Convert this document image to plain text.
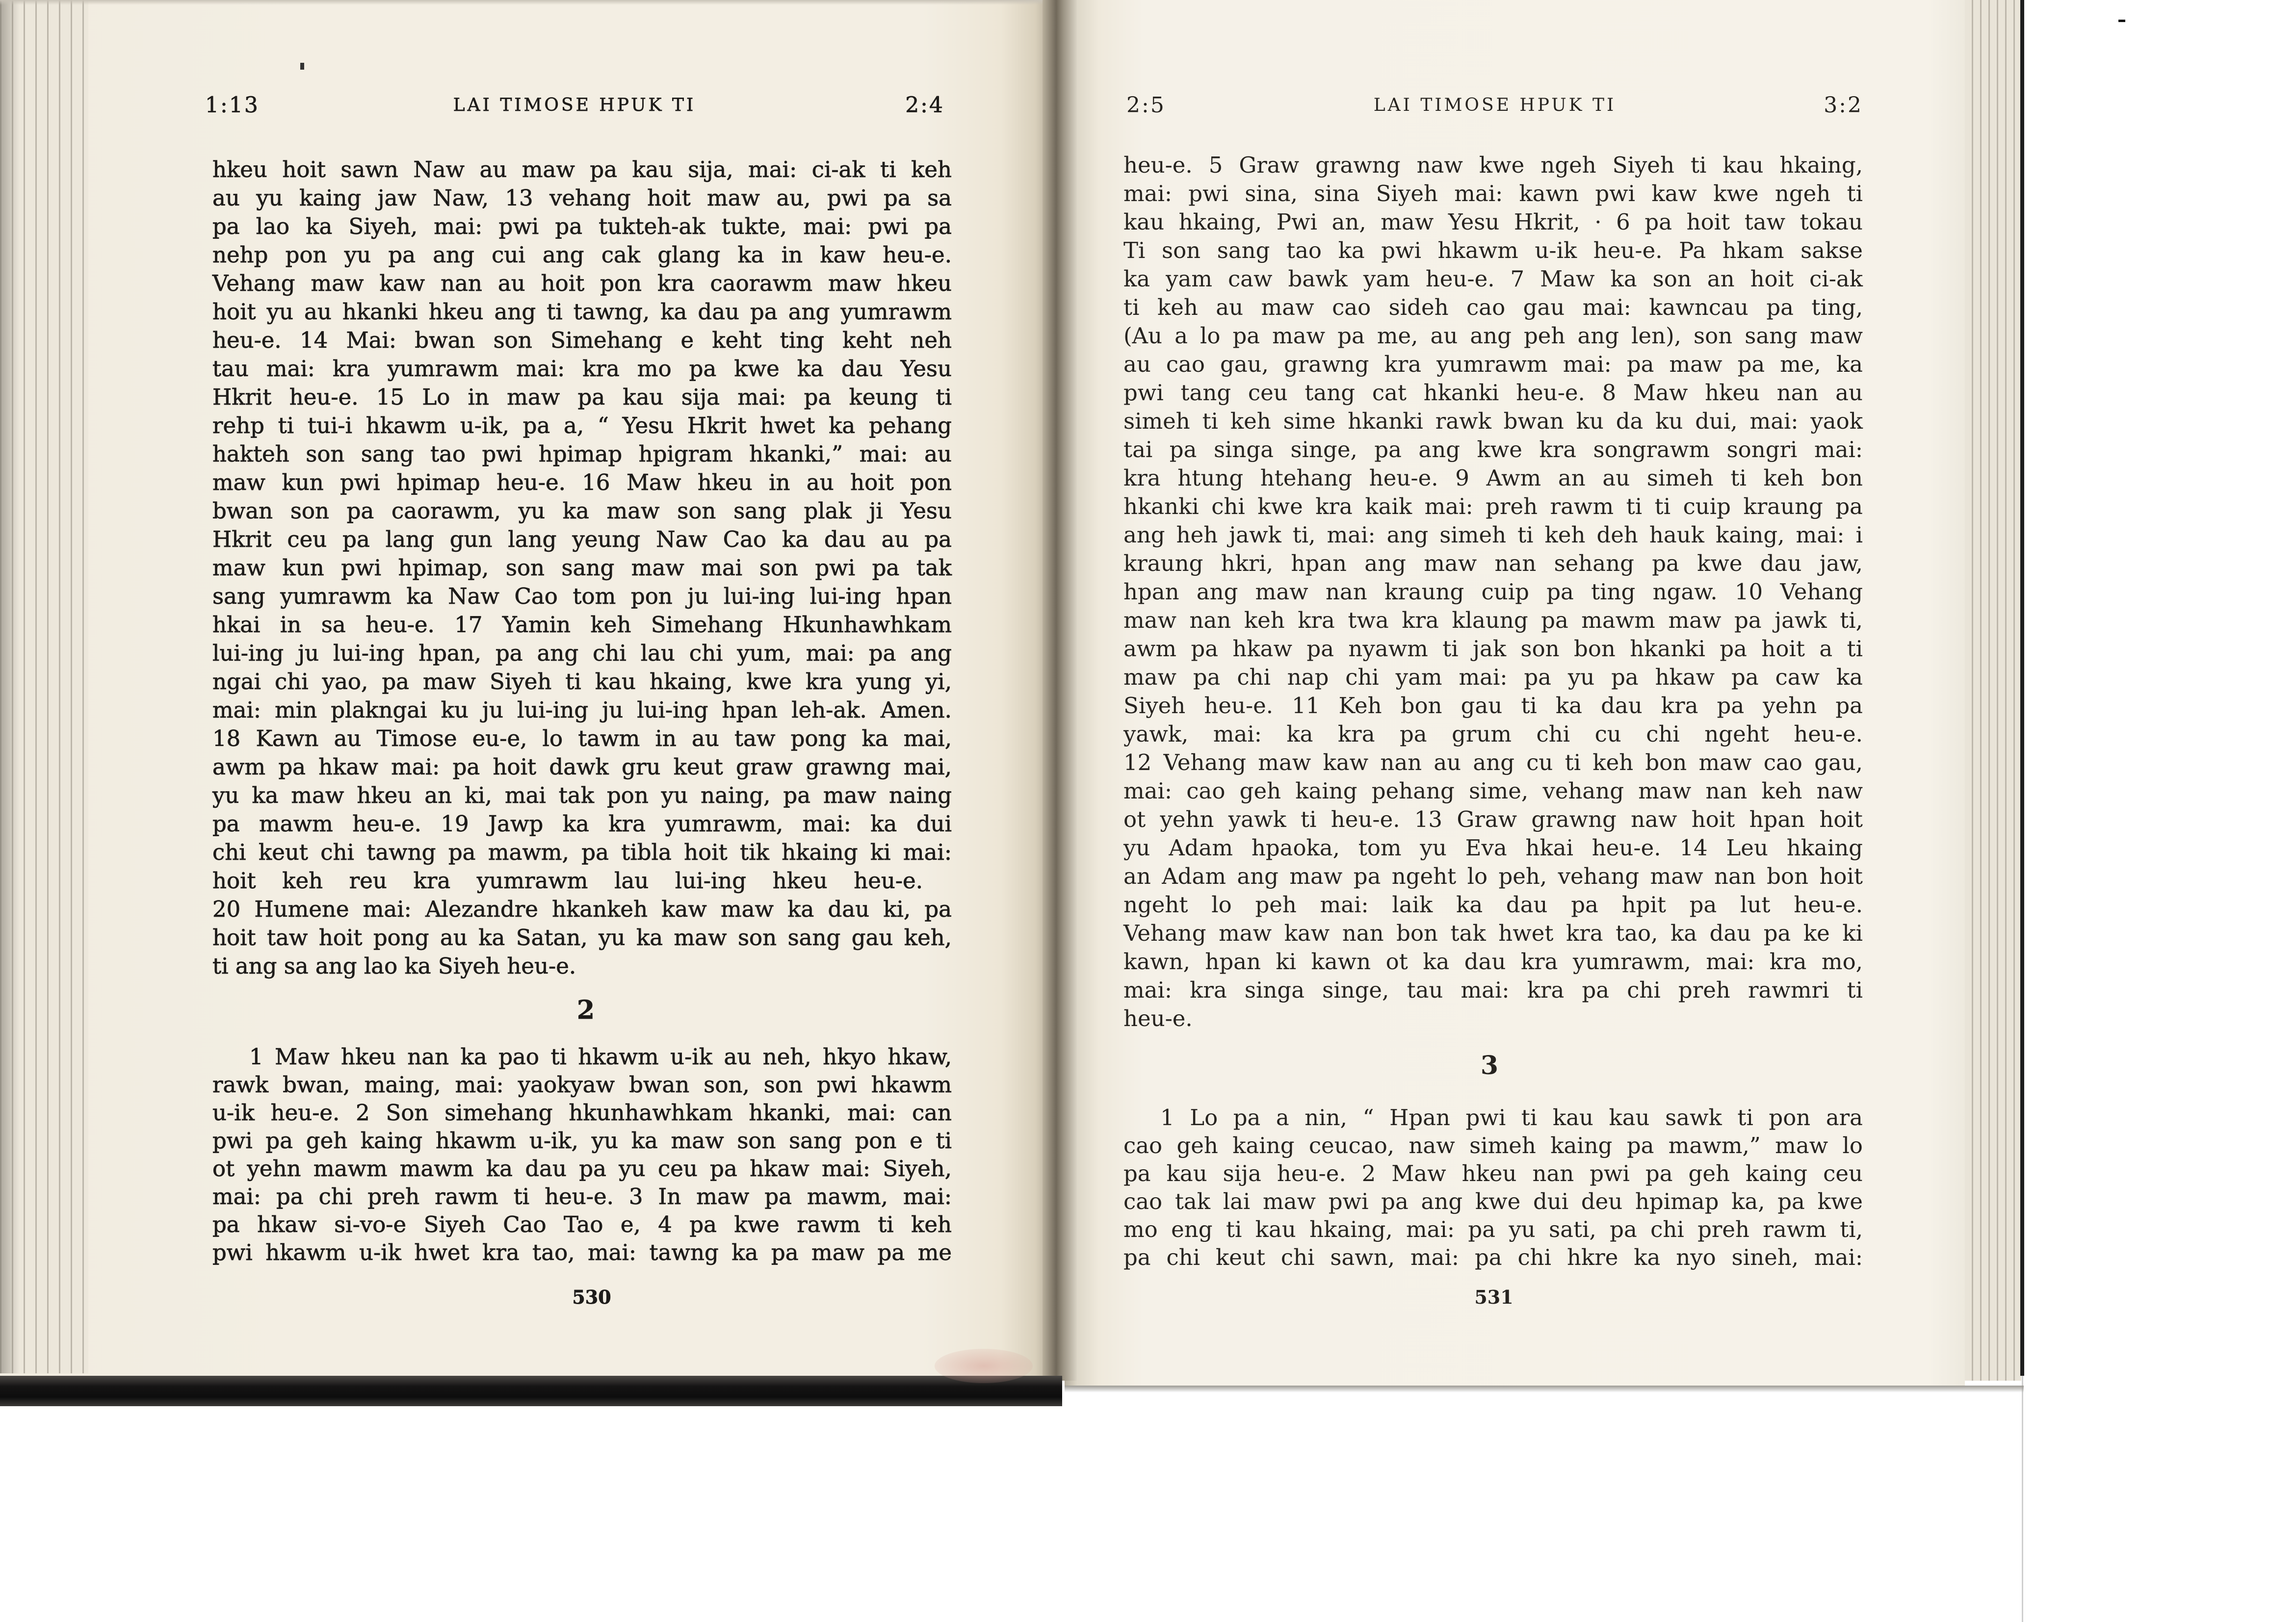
1:13	LAI TIMOSE HPUK TI	2:4
hkeu hoit sawn Naw au maw pa kau sija, mai: ci-ak ti keh
au yu kaing jaw Naw, 13 vehang hoit maw au, pwi pa sa
pa lao ka Siyeh, mai: pwi pa tukteh-ak tukte, mai: pwi pa
nehp pon yu pa ang cui ang cak glang ka in kaw heu-e.
Vehang maw kaw nan au hoit pon kra caorawm maw hkeu
hoit yu au hkanki hkeu ang ti tawng, ka dau pa ang yumrawm
heu-e. 14 Mai: bwan son Simehang e keht ting keht neh
tau mai: kra yumrawm mai: kra mo pa kwe ka dau Yesu
Hkrit heu-e. 15 Lo in maw pa kau sija mai: pa keung ti
rehp ti tui-i hkawm u-ik, pa a, “ Yesu Hkrit hwet ka pehang
hakteh son sang tao pwi hpimap hpigram hkanki,” mai: au
maw kun pwi hpimap heu-e. 16 Maw hkeu in au hoit pon
bwan son pa caorawm, yu ka maw son sang plak ji Yesu
Hkrit ceu pa lang gun lang yeung Naw Cao ka dau au pa
maw kun pwi hpimap, son sang maw mai son pwi pa tak
sang yumrawm ka Naw Cao tom pon ju lui-ing lui-ing hpan
hkai in sa heu-e. 17 Yamin keh Simehang Hkunhawhkam
lui-ing ju lui-ing hpan, pa ang chi lau chi yum, mai: pa ang
ngai chi yao, pa maw Siyeh ti kau hkaing, kwe kra yung yi,
mai: min plakngai ku ju lui-ing ju lui-ing hpan leh-ak. Amen.
18 Kawn au Timose eu-e, lo tawm in au taw pong ka mai,
awm pa hkaw mai: pa hoit dawk gru keut graw grawng mai,
yu ka maw hkeu an ki, mai tak pon yu naing, pa maw naing
pa mawm heu-e. 19 Jawp ka kra yumrawm, mai: ka dui
chi keut chi tawng pa mawm, pa tibla hoit tik hkaing ki mai:
hoit keh reu kra yumrawm lau lui-ing hkeu heu-e.
20 Humene mai: Alezandre hkankeh kaw maw ka dau ki, pa
hoit taw hoit pong au ka Satan, yu ka maw son sang gau keh,
ti ang sa ang lao ka Siyeh heu-e.
2
1 Maw hkeu nan ka pao ti hkawm u-ik au neh, hkyo hkaw,
rawk bwan, maing, mai: yaokyaw bwan son, son pwi hkawm
u-ik heu-e. 2 Son simehang hkunhawhkam hkanki, mai: can
pwi pa geh kaing hkawm u-ik, yu ka maw son sang pon e ti
ot yehn mawm mawm ka dau pa yu ceu pa hkaw mai: Siyeh,
mai: pa chi preh rawm ti heu-e. 3 In maw pa mawm, mai:
pa hkaw si-vo-e Siyeh Cao Tao e, 4 pa kwe rawm ti keh
pwi hkawm u-ik hwet kra tao, mai: tawng ka pa maw pa me
530
2:5	LAI TIMOSE HPUK TI	3:2
heu-e. 5 Graw grawng naw kwe ngeh Siyeh ti kau hkaing,
mai: pwi sina, sina Siyeh mai: kawn pwi kaw kwe ngeh ti
kau hkaing, Pwi an, maw Yesu Hkrit, · 6 pa hoit taw tokau
Ti son sang tao ka pwi hkawm u-ik heu-e. Pa hkam sakse
ka yam caw bawk yam heu-e. 7 Maw ka son an hoit ci-ak
ti keh au maw cao sideh cao gau mai: kawncau pa ting,
(Au a lo pa maw pa me, au ang peh ang len), son sang maw
au cao gau, grawng kra yumrawm mai: pa maw pa me, ka
pwi tang ceu tang cat hkanki heu-e. 8 Maw hkeu nan au
simeh ti keh sime hkanki rawk bwan ku da ku dui, mai: yaok
tai pa singa singe, pa ang kwe kra songrawm songri mai:
kra htung htehang heu-e. 9 Awm an au simeh ti keh bon
hkanki chi kwe kra kaik mai: preh rawm ti ti cuip kraung pa
ang heh jawk ti, mai: ang simeh ti keh deh hauk kaing, mai: i
kraung hkri, hpan ang maw nan sehang pa kwe dau jaw,
hpan ang maw nan kraung cuip pa ting ngaw. 10 Vehang
maw nan keh kra twa kra klaung pa mawm maw pa jawk ti,
awm pa hkaw pa nyawm ti jak son bon hkanki pa hoit a ti
maw pa chi nap chi yam mai: pa yu pa hkaw pa caw ka
Siyeh heu-e. 11 Keh bon gau ti ka dau kra pa yehn pa
yawk, mai: ka kra pa grum chi cu chi ngeht heu-e.
12 Vehang maw kaw nan au ang cu ti keh bon maw cao gau,
mai: cao geh kaing pehang sime, vehang maw nan keh naw
ot yehn yawk ti heu-e. 13 Graw grawng naw hoit hpan hoit
yu Adam hpaoka, tom yu Eva hkai heu-e. 14 Leu hkaing
an Adam ang maw pa ngeht lo peh, vehang maw nan bon hoit
ngeht lo peh mai: laik ka dau pa hpit pa lut heu-e.
Vehang maw kaw nan bon tak hwet kra tao, ka dau pa ke ki
kawn, hpan ki kawn ot ka dau kra yumrawm, mai: kra mo,
mai: kra singa singe, tau mai: kra pa chi preh rawmri ti
heu-e.
3
1 Lo pa a nin, “ Hpan pwi ti kau kau sawk ti pon ara
cao geh kaing ceucao, naw simeh kaing pa mawm,” maw lo
pa kau sija heu-e. 2 Maw hkeu nan pwi pa geh kaing ceu
cao tak lai maw pwi pa ang kwe dui deu hpimap ka, pa kwe
mo eng ti kau hkaing, mai: pa yu sati, pa chi preh rawm ti,
pa chi keut chi sawn, mai: pa chi hkre ka nyo sineh, mai:
531
